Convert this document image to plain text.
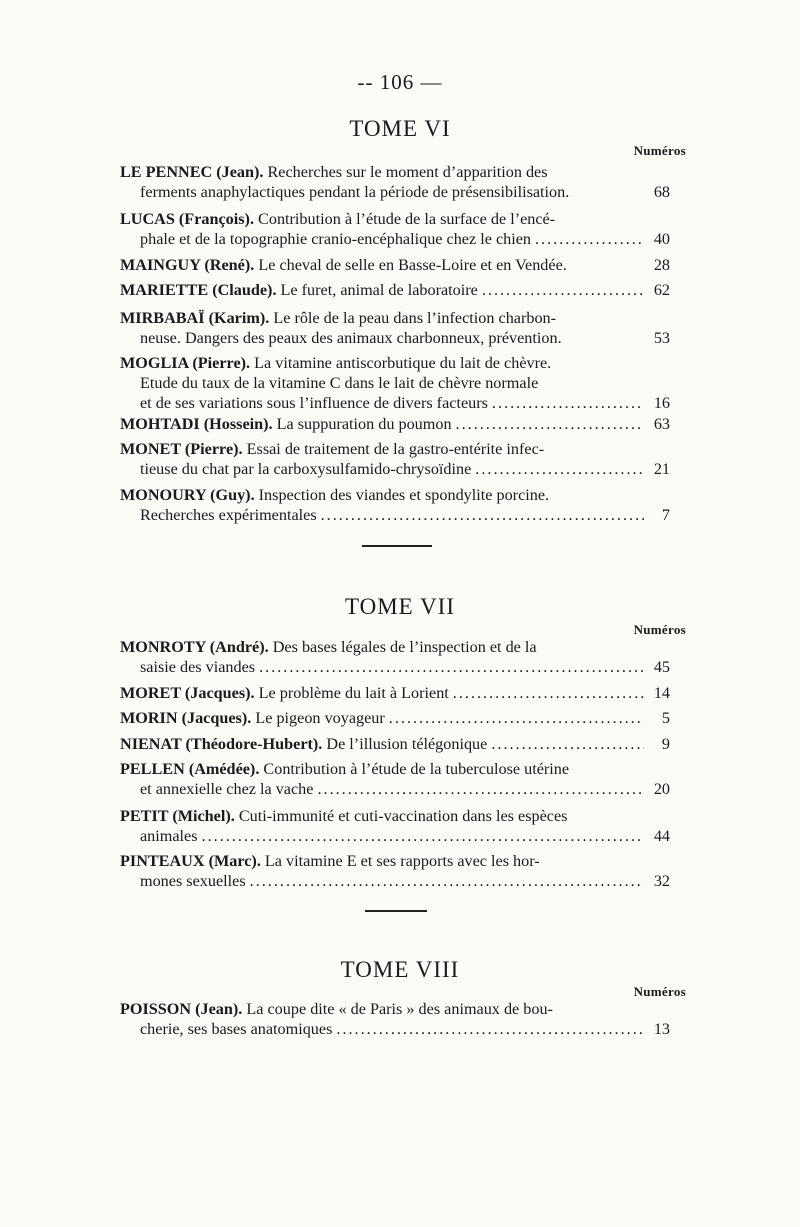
-- 106 —
TOME VI
Numéros
LE PENNEC (Jean). Recherches sur le moment d’apparition des
ferments anaphylactiques pendant la période de présensibilisation.	68
LUCAS (François). Contribution à l’étude de la surface de l’encé-
phale et de la topographie cranio-encéphalique chez le chien .....	40
MAINGUY (René). Le cheval de selle en Basse-Loire et en Vendée.	28
MARIETTE (Claude). Le furet, animal de laboratoire .....	62
MIRBABAÏ (Karim). Le rôle de la peau dans l’infection charbon-
neuse. Dangers des peaux des animaux charbonneux, prévention.	53
MOGLIA (Pierre). La vitamine antiscorbutique du lait de chèvre.
Etude du taux de la vitamine C dans le lait de chèvre normale
et de ses variations sous l’influence de divers facteurs .....	16
MOHTADI (Hossein). La suppuration du poumon .....	63
MONET (Pierre). Essai de traitement de la gastro-entérite infec-
tieuse du chat par la carboxysulfamido-chrysoïdine .....	21
MONOURY (Guy). Inspection des viandes et spondylite porcine.
Recherches expérimentales .....	7
TOME VII
Numéros
MONROTY (André). Des bases légales de l’inspection et de la
saisie des viandes .....	45
MORET (Jacques). Le problème du lait à Lorient .....	14
MORIN (Jacques). Le pigeon voyageur .....	5
NIENAT (Théodore-Hubert). De l’illusion télégonique .....	9
PELLEN (Amédée). Contribution à l’étude de la tuberculose utérine
et annexielle chez la vache .....	20
PETIT (Michel). Cuti-immunité et cuti-vaccination dans les espèces
animales .....	44
PINTEAUX (Marc). La vitamine E et ses rapports avec les hor-
mones sexuelles .....	32
TOME VIII
Numéros
POISSON (Jean). La coupe dite « de Paris » des animaux de bou-
cherie, ses bases anatomiques .....	13
